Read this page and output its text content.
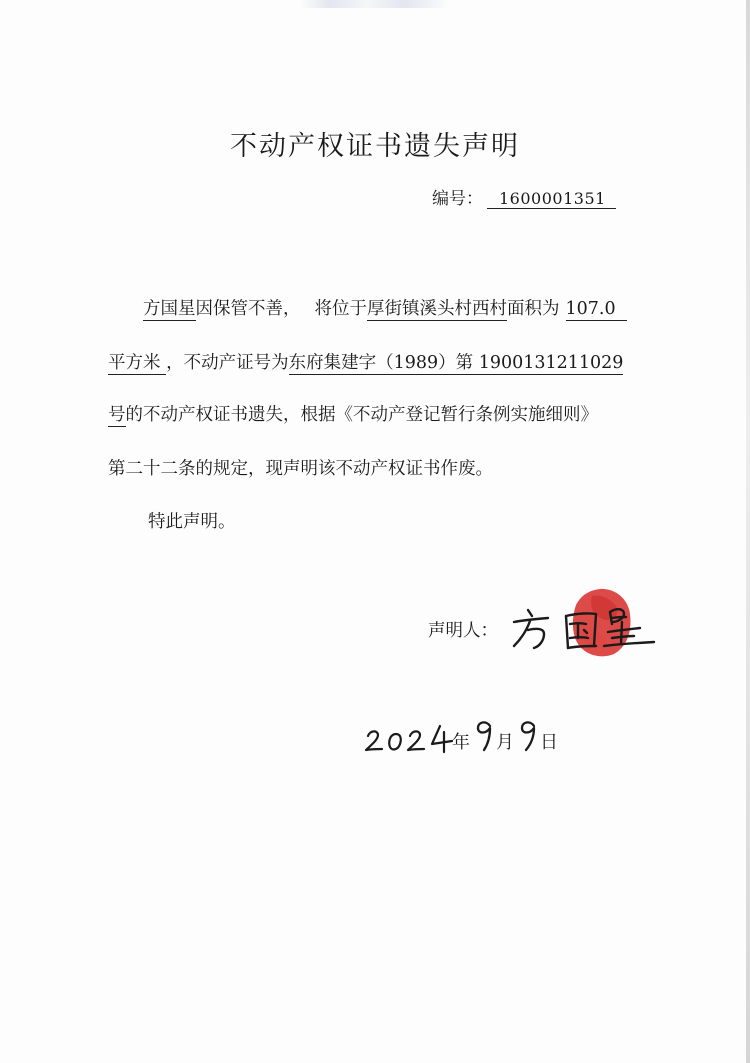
不动产权证书遗失声明
编号： 1600001351
方国星因保管不善， 将位于厚街镇溪头村西村面积为 107.0
平方米 ，不动产证号为东府集建字（1989）第 1900131211029
号的不动产权证书遗失，根据《不动产登记暂行条例实施细则》
第二十二条的规定，现声明该不动产权证书作废。
特此声明。
声明人：
年 月 日
